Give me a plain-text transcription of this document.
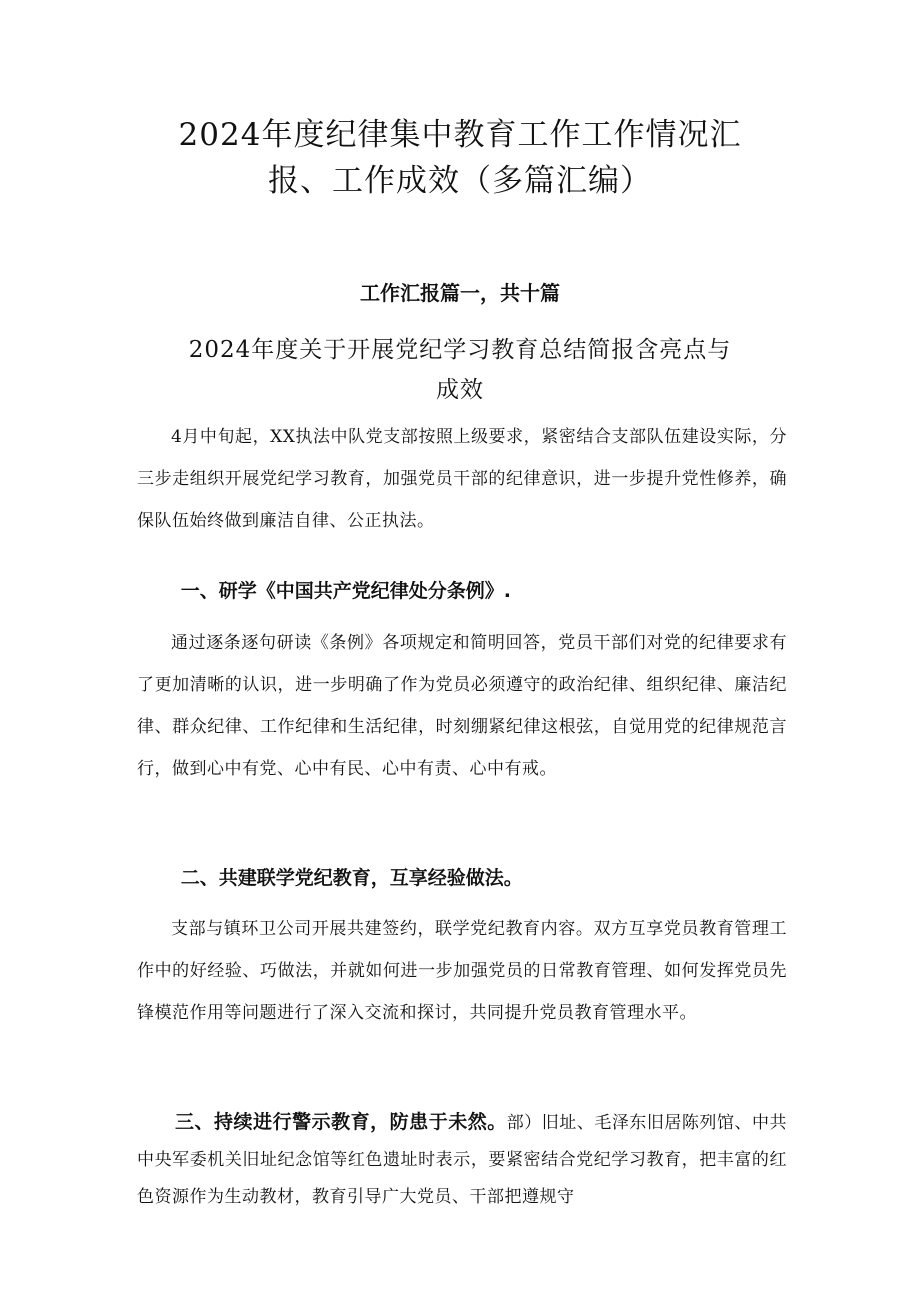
2024年度纪律集中教育工作工作情况汇
报、工作成效（多篇汇编）
工作汇报篇一，共十篇
2024年度关于开展党纪学习教育总结简报含亮点与
成效

4月中旬起，XX执法中队党支部按照上级要求，紧密结合支部队伍建设实际，分三步走组织开展党纪学习教育，加强党员干部的纪律意识，进一步提升党性修养，确保队伍始终做到廉洁自律、公正执法。

一、研学《中国共产党纪律处分条例》.

通过逐条逐句研读《条例》各项规定和简明回答，党员干部们对党的纪律要求有了更加清晰的认识，进一步明确了作为党员必须遵守的政治纪律、组织纪律、廉洁纪律、群众纪律、工作纪律和生活纪律，时刻绷紧纪律这根弦，自觉用党的纪律规范言行，做到心中有党、心中有民、心中有责、心中有戒。

二、共建联学党纪教育，互享经验做法。

支部与镇环卫公司开展共建签约，联学党纪教育内容。双方互享党员教育管理工作中的好经验、巧做法，并就如何进一步加强党员的日常教育管理、如何发挥党员先锋模范作用等问题进行了深入交流和探讨，共同提升党员教育管理水平。

三、持续进行警示教育，防患于未然。部）旧址、毛泽东旧居陈列馆、中共中央军委机关旧址纪念馆等红色遗址时表示，要紧密结合党纪学习教育，把丰富的红色资源作为生动教材，教育引导广大党员、干部把遵规守
